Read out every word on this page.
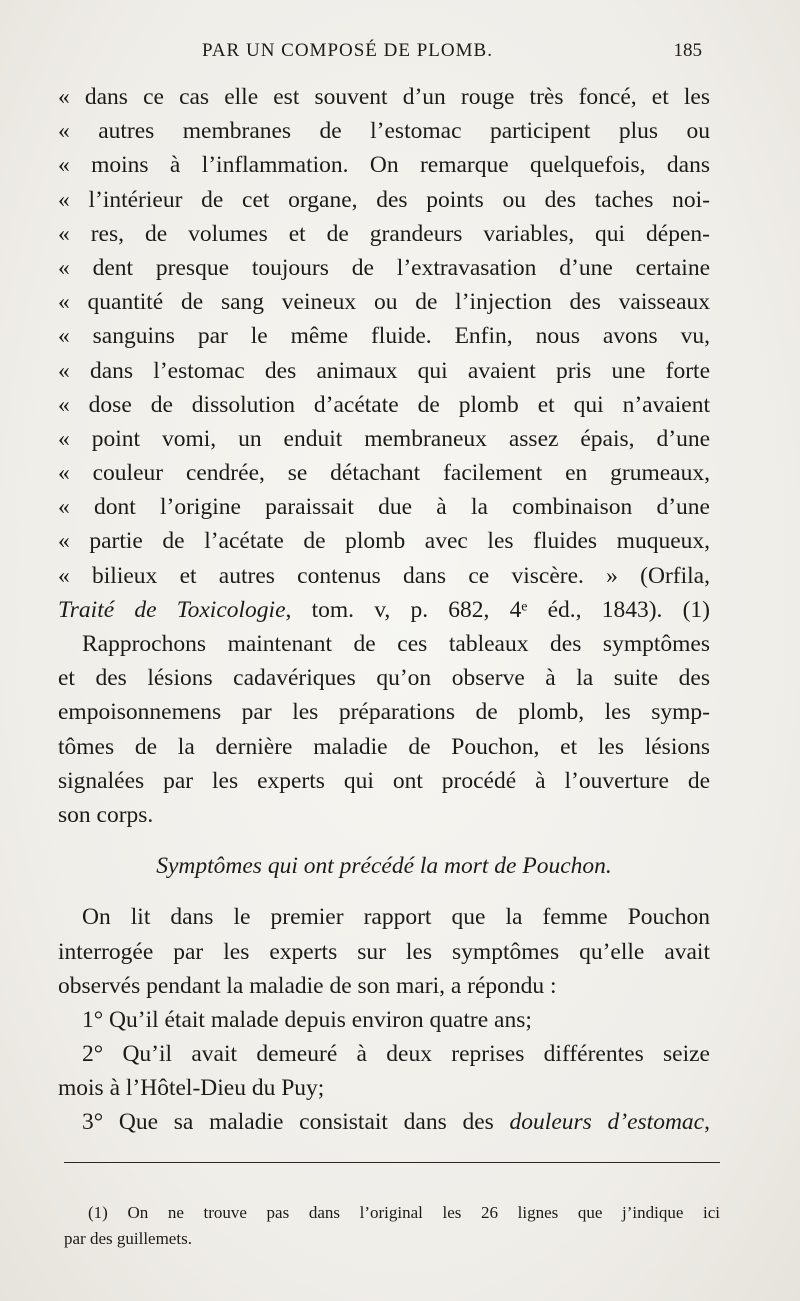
PAR UN COMPOSÉ DE PLOMB.	185
« dans ce cas elle est souvent d’un rouge très foncé, et les
« autres membranes de l’estomac participent plus ou
« moins à l’inflammation. On remarque quelquefois, dans
« l’intérieur de cet organe, des points ou des taches noi-
« res, de volumes et de grandeurs variables, qui dépen-
« dent presque toujours de l’extravasation d’une certaine
« quantité de sang veineux ou de l’injection des vaisseaux
« sanguins par le même fluide. Enfin, nous avons vu,
« dans l’estomac des animaux qui avaient pris une forte
« dose de dissolution d’acétate de plomb et qui n’avaient
« point vomi, un enduit membraneux assez épais, d’une
« couleur cendrée, se détachant facilement en grumeaux,
« dont l’origine paraissait due à la combinaison d’une
« partie de l’acétate de plomb avec les fluides muqueux,
« bilieux et autres contenus dans ce viscère. » (Orfila,
Traité de Toxicologie, tom. v, p. 682, 4ᵉ éd., 1843). (1)
Rapprochons maintenant de ces tableaux des symptômes
et des lésions cadavériques qu’on observe à la suite des
empoisonnemens par les préparations de plomb, les symp-
tômes de la dernière maladie de Pouchon, et les lésions
signalées par les experts qui ont procédé à l’ouverture de
son corps.
Symptômes qui ont précédé la mort de Pouchon.
On lit dans le premier rapport que la femme Pouchon
interrogée par les experts sur les symptômes qu’elle avait
observés pendant la maladie de son mari, a répondu :
1° Qu’il était malade depuis environ quatre ans;
2° Qu’il avait demeuré à deux reprises différentes seize
mois à l’Hôtel-Dieu du Puy;
3° Que sa maladie consistait dans des douleurs d’estomac,
(1) On ne trouve pas dans l’original les 26 lignes que j’indique ici
par des guillemets.
